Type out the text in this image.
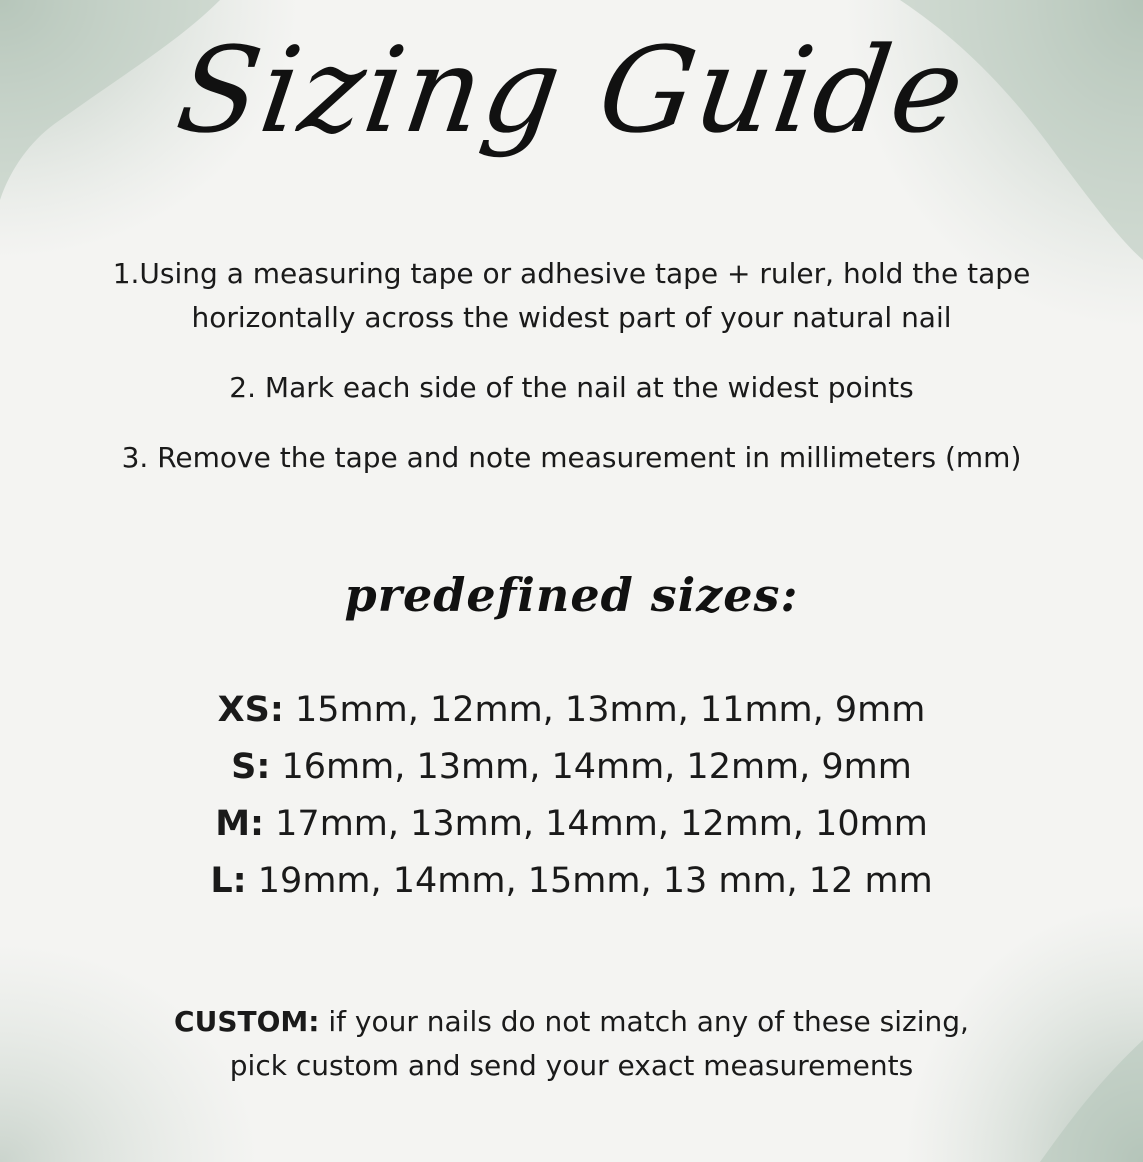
Sizing Guide
1.Using a measuring tape or adhesive tape + ruler, hold the tape
horizontally across the widest part of your natural nail
2. Mark each side of the nail at the widest points
3. Remove the tape and note measurement in millimeters (mm)
predefined sizes:
XS: 15mm, 12mm, 13mm, 11mm, 9mm
S: 16mm, 13mm, 14mm, 12mm, 9mm
M: 17mm, 13mm, 14mm, 12mm, 10mm
L: 19mm, 14mm, 15mm, 13 mm, 12 mm
CUSTOM: if your nails do not match any of these sizing,
pick custom and send your exact measurements
